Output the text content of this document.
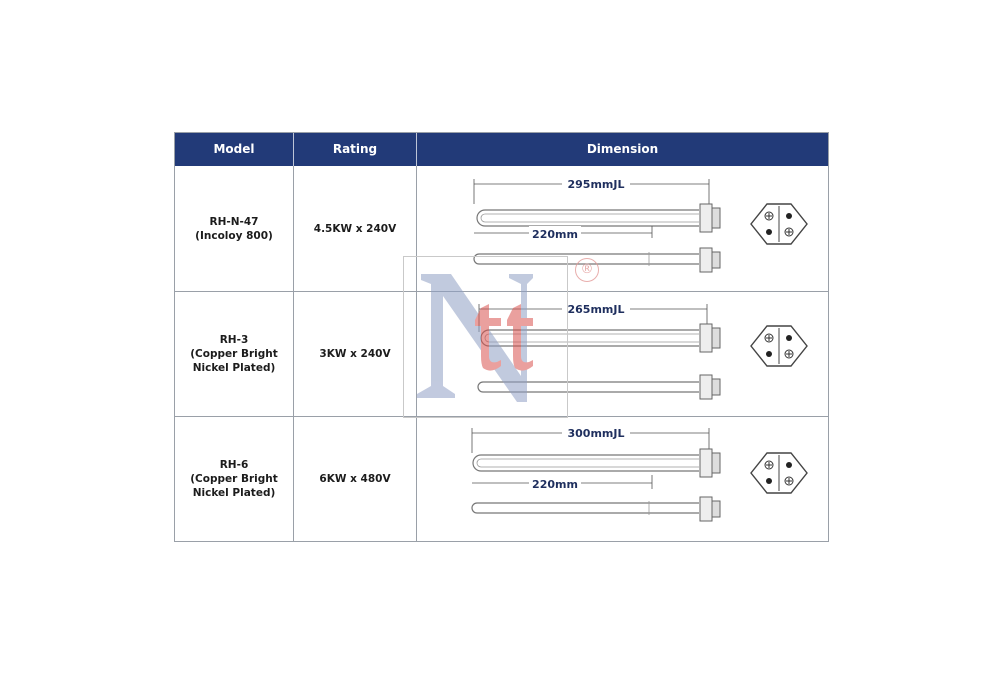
Model	Rating	Dimension
RH-N-47
(Incoloy 800)
4.5KW x 240V
295mmJL
220mm
RH-3
(Copper Bright
Nickel Plated)
3KW x 240V
265mmJL
RH-6
(Copper Bright
Nickel Plated)
6KW x 480V
300mmJL
220mm
®
